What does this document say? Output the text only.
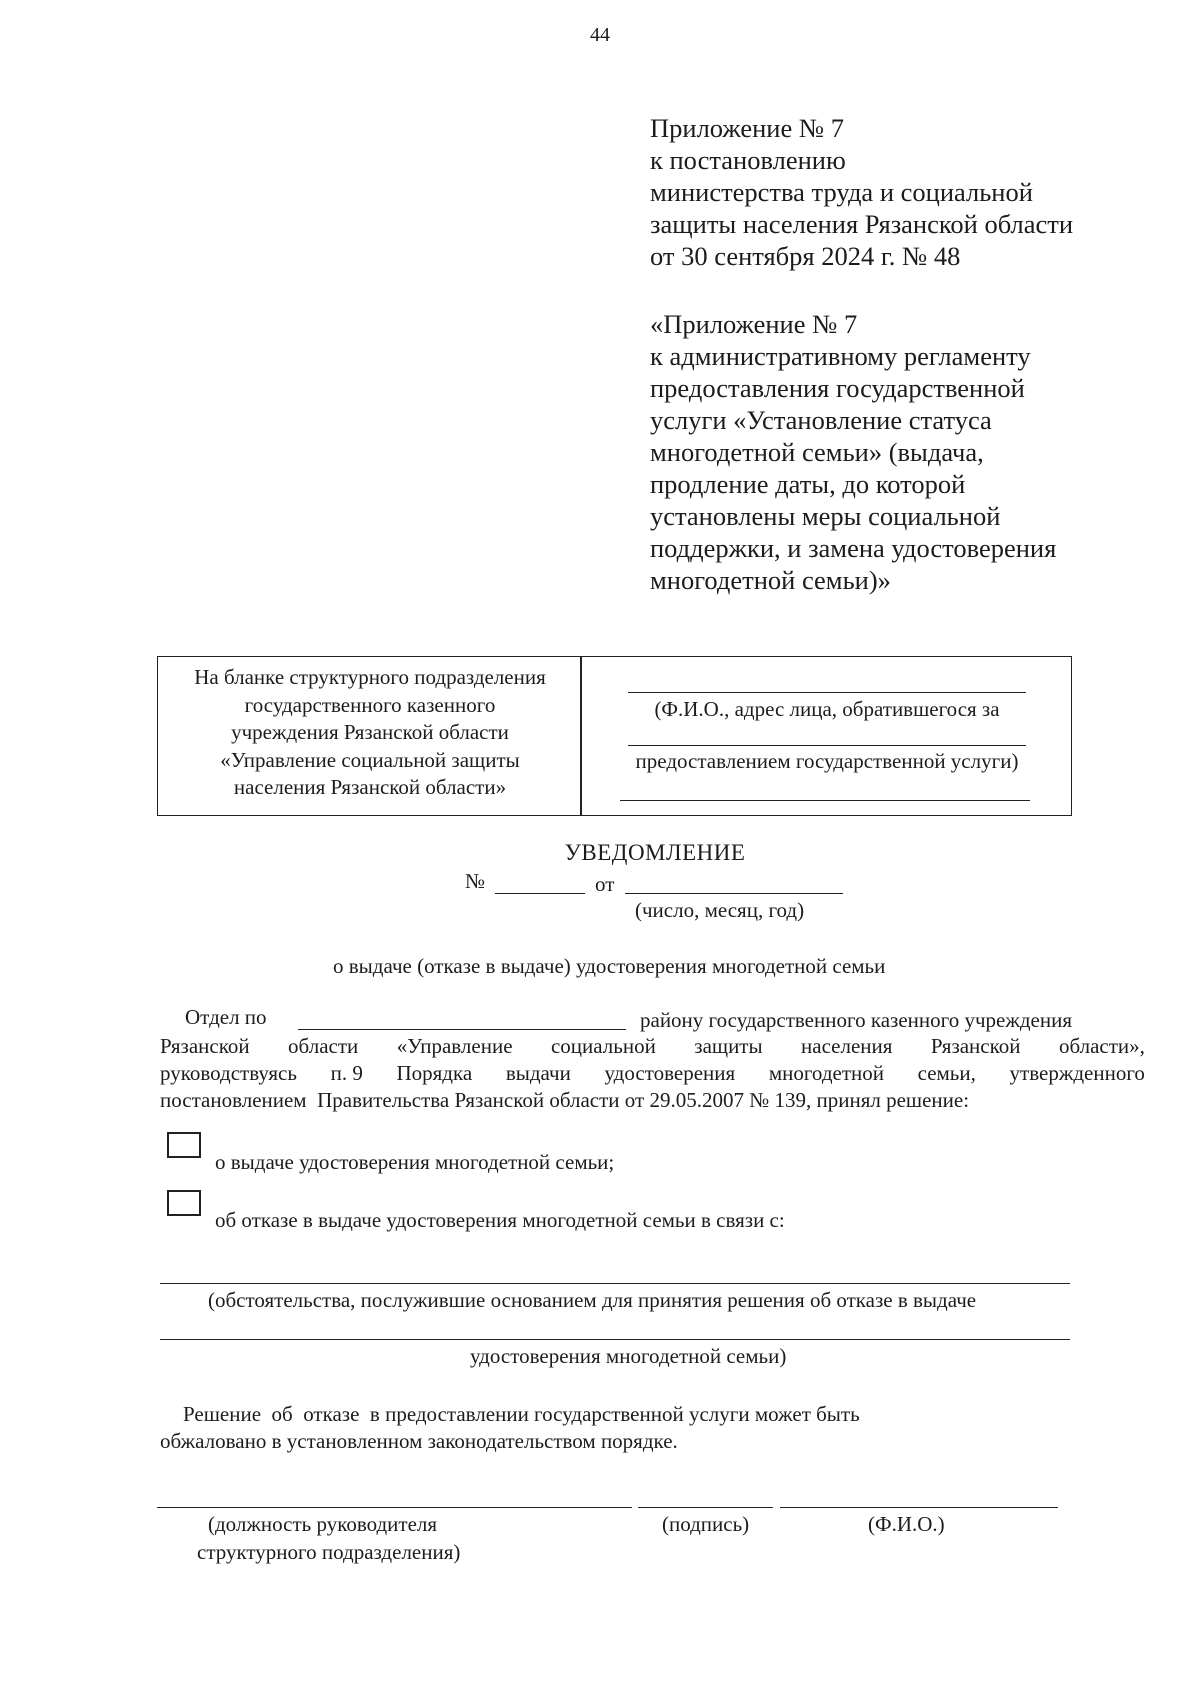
44
Приложение № 7
к постановлению
министерства труда и социальной
защиты населения Рязанской области
от 30 сентября 2024 г. № 48
«Приложение № 7
к административному регламенту
предоставления государственной
услуги «Установление статуса
многодетной семьи» (выдача,
продление даты, до которой
установлены меры социальной
поддержки, и замена удостоверения
многодетной семьи)»
На бланке структурного подразделения
государственного казенного
учреждения Рязанской области
«Управление социальной защиты
населения Рязанской области»
(Ф.И.О., адрес лица, обратившегося за
предоставлением государственной услуги)
УВЕДОМЛЕНИЕ
№	от
(число, месяц, год)
о выдаче (отказе в выдаче) удостоверения многодетной семьи
Отдел по	району государственного казенного учреждения
Рязанской области «Управление социальной защиты населения Рязанской области»,
руководствуясь п. 9 Порядка выдачи удостоверения многодетной семьи, утвержденного
постановлением  Правительства Рязанской области от 29.05.2007 № 139, принял решение:
о выдаче удостоверения многодетной семьи;
об отказе в выдаче удостоверения многодетной семьи в связи с:
(обстоятельства, послужившие основанием для принятия решения об отказе в выдаче
удостоверения многодетной семьи)
Решение  об  отказе  в предоставлении государственной услуги может быть
обжаловано в установленном законодательством порядке.
(должность руководителя
структурного подразделения)
(подпись)	(Ф.И.О.)
